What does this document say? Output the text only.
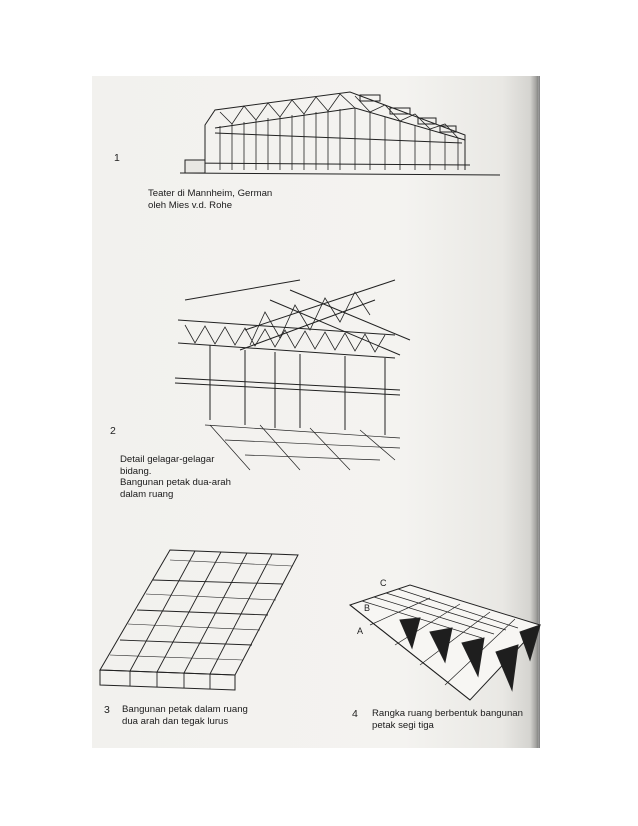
1
Teater di Mannheim, German
oleh Mies v.d. Rohe
2
Detail gelagar-gelagar
bidang.
Bangunan petak dua-arah
dalam ruang
3 Bangunan petak dalam ruang
dua arah dan tegak lurus
4 Rangka ruang berbentuk bangunan
petak segi tiga
C
B
A
